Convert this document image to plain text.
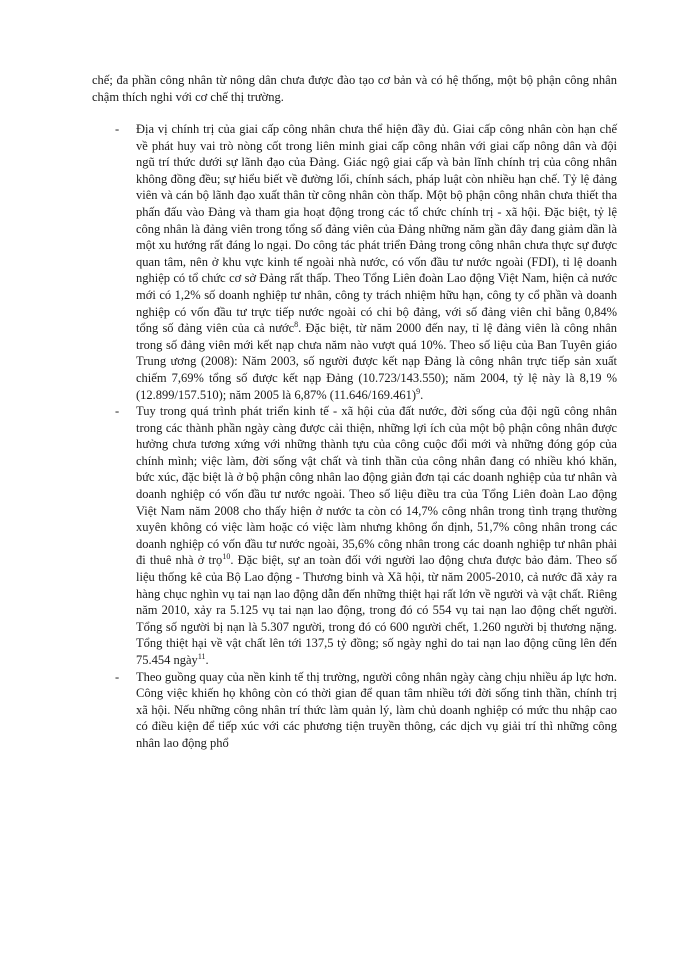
chế; đa phần công nhân từ nông dân chưa được đào tạo cơ bản và có hệ thống, một bộ phận công nhân chậm thích nghi với cơ chế thị trường.

- Địa vị chính trị của giai cấp công nhân chưa thể hiện đầy đủ. Giai cấp công nhân còn hạn chế về phát huy vai trò nòng cốt trong liên minh giai cấp công nhân với giai cấp nông dân và đội ngũ trí thức dưới sự lãnh đạo của Đảng. Giác ngộ giai cấp và bản lĩnh chính trị của công nhân không đồng đều; sự hiểu biết về đường lối, chính sách, pháp luật còn nhiều hạn chế. Tỷ lệ đảng viên và cán bộ lãnh đạo xuất thân từ công nhân còn thấp. Một bộ phận công nhân chưa thiết tha phấn đấu vào Đảng và tham gia hoạt động trong các tổ chức chính trị - xã hội. Đặc biệt, tỷ lệ công nhân là đảng viên trong tổng số đảng viên của Đảng những năm gần đây đang giảm dần là một xu hướng rất đáng lo ngại. Do công tác phát triển Đảng trong công nhân chưa thực sự được quan tâm, nên ở khu vực kinh tế ngoài nhà nước, có vốn đầu tư nước ngoài (FDI), tỉ lệ doanh nghiệp có tổ chức cơ sở Đảng rất thấp. Theo Tổng Liên đoàn Lao động Việt Nam, hiện cả nước mới có 1,2% số doanh nghiệp tư nhân, công ty trách nhiệm hữu hạn, công ty cổ phần và doanh nghiệp có vốn đầu tư trực tiếp nước ngoài có chi bộ đảng, với số đảng viên chỉ bằng 0,84% tổng số đảng viên của cả nước$^8$. Đặc biệt, từ năm 2000 đến nay, tỉ lệ đảng viên là công nhân trong số đảng viên mới kết nạp chưa năm nào vượt quá 10%. Theo số liệu của Ban Tuyên giáo Trung ương (2008): Năm 2003, số người được kết nạp Đảng là công nhân trực tiếp sản xuất chiếm 7,69% tổng số được kết nạp Đảng (10.723/143.550); năm 2004, tỷ lệ này là 8,19 % (12.899/157.510); năm 2005 là 6,87% $(11.646/169.461)^9$.

- Tuy trong quá trình phát triển kinh tế - xã hội của đất nước, đời sống của đội ngũ công nhân trong các thành phần ngày càng được cải thiện, những lợi ích của một bộ phận công nhân được hưởng chưa tương xứng với những thành tựu của công cuộc đổi mới và những đóng góp của chính mình; việc làm, đời sống vật chất và tinh thần của công nhân đang có nhiều khó khăn, bức xúc, đặc biệt là ở bộ phận công nhân lao động giản đơn tại các doanh nghiệp của tư nhân và doanh nghiệp có vốn đầu tư nước ngoài. Theo số liệu điều tra của Tổng Liên đoàn Lao động Việt Nam năm 2008 cho thấy hiện ở nước ta còn có 14,7% công nhân trong tình trạng thường xuyên không có việc làm hoặc có việc làm nhưng không ổn định, 51,7% công nhân trong các doanh nghiệp có vốn đầu tư nước ngoài, 35,6% công nhân trong các doanh nghiệp tư nhân phải đi thuê nhà ở trọ$^{10}$. Đặc biệt, sự an toàn đối với người lao động chưa được bảo đảm. Theo số liệu thống kê của Bộ Lao động - Thương binh và Xã hội, từ năm 2005-2010, cả nước đã xảy ra hàng chục nghìn vụ tai nạn lao động dẫn đến những thiệt hại rất lớn về người và vật chất. Riêng năm 2010, xảy ra 5.125 vụ tai nạn lao động, trong đó có 554 vụ tai nạn lao động chết người. Tổng số người bị nạn là 5.307 người, trong đó có 600 người chết, 1.260 người bị thương nặng. Tổng thiệt hại về vật chất lên tới 137,5 tỷ đồng; số ngày nghỉ do tai nạn lao động cũng lên đến 75.454 ngày$^{11}$.

- Theo guồng quay của nền kinh tế thị trường, người công nhân ngày càng chịu nhiều áp lực hơn. Công việc khiến họ không còn có thời gian để quan tâm nhiều tới đời sống tinh thần, chính trị xã hội. Nếu những công nhân trí thức làm quản lý, làm chủ doanh nghiệp có mức thu nhập cao có điều kiện để tiếp xúc với các phương tiện truyền thông, các dịch vụ giải trí thì những công nhân lao động phổ
